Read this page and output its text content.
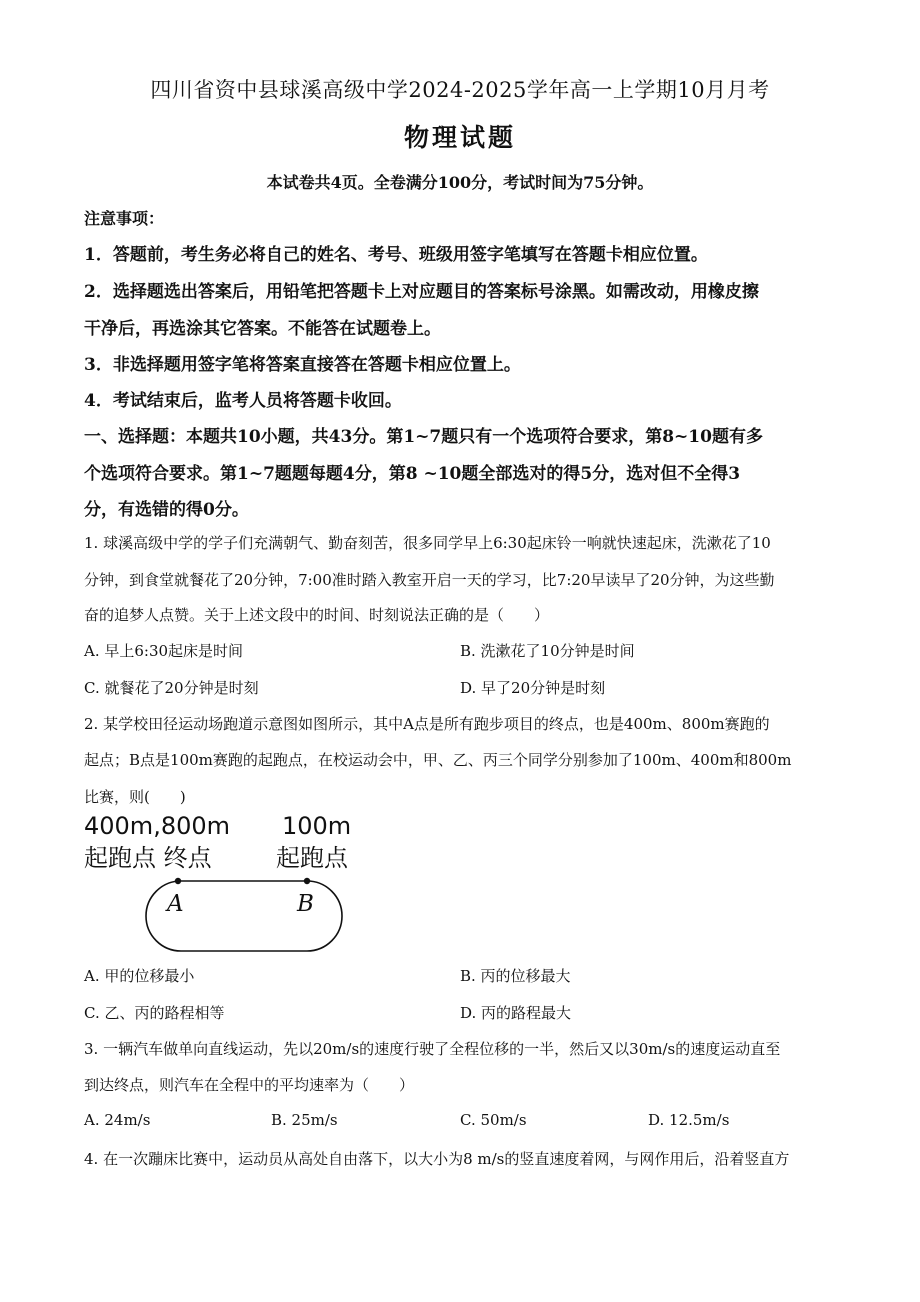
四川省资中县球溪高级中学2024-2025学年高一上学期10月月考
物理试题
本试卷共4页。全卷满分100分，考试时间为75分钟。
注意事项：
1．答题前，考生务必将自己的姓名、考号、班级用签字笔填写在答题卡相应位置。
2．选择题选出答案后，用铅笔把答题卡上对应题目的答案标号涂黑。如需改动，用橡皮擦
干净后，再选涂其它答案。不能答在试题卷上。
3．非选择题用签字笔将答案直接答在答题卡相应位置上。
4．考试结束后，监考人员将答题卡收回。
一、选择题：本题共10小题，共43分。第1~7题只有一个选项符合要求，第8~10题有多
个选项符合要求。第1~7题题每题4分，第8 ~10题全部选对的得5分，选对但不全得3
分，有选错的得0分。
1. 球溪高级中学的学子们充满朝气、勤奋刻苦，很多同学早上6:30起床铃一响就快速起床，洗漱花了10
分钟，到食堂就餐花了20分钟，7:00准时踏入教室开启一天的学习，比7:20早读早了20分钟，为这些勤
奋的追梦人点赞。关于上述文段中的时间、时刻说法正确的是（　　）
A. 早上6:30起床是时间	B. 洗漱花了10分钟是时间
C. 就餐花了20分钟是时刻	D. 早了20分钟是时刻
2. 某学校田径运动场跑道示意图如图所示，其中A点是所有跑步项目的终点，也是400m、800m赛跑的
起点；B点是100m赛跑的起跑点，在校运动会中，甲、乙、丙三个同学分别参加了100m、400m和800m
比赛，则(　　)
400m,800m
起跑点 终点
100m
起跑点
A	B
A. 甲的位移最小	B. 丙的位移最大
C. 乙、丙的路程相等	D. 丙的路程最大
3. 一辆汽车做单向直线运动，先以20m/s的速度行驶了全程位移的一半，然后又以30m/s的速度运动直至
到达终点，则汽车在全程中的平均速率为（　　）
A. 24m/s	B. 25m/s	C. 50m/s	D. 12.5m/s
4. 在一次蹦床比赛中，运动员从高处自由落下，以大小为8 m/s的竖直速度着网，与网作用后，沿着竖直方
